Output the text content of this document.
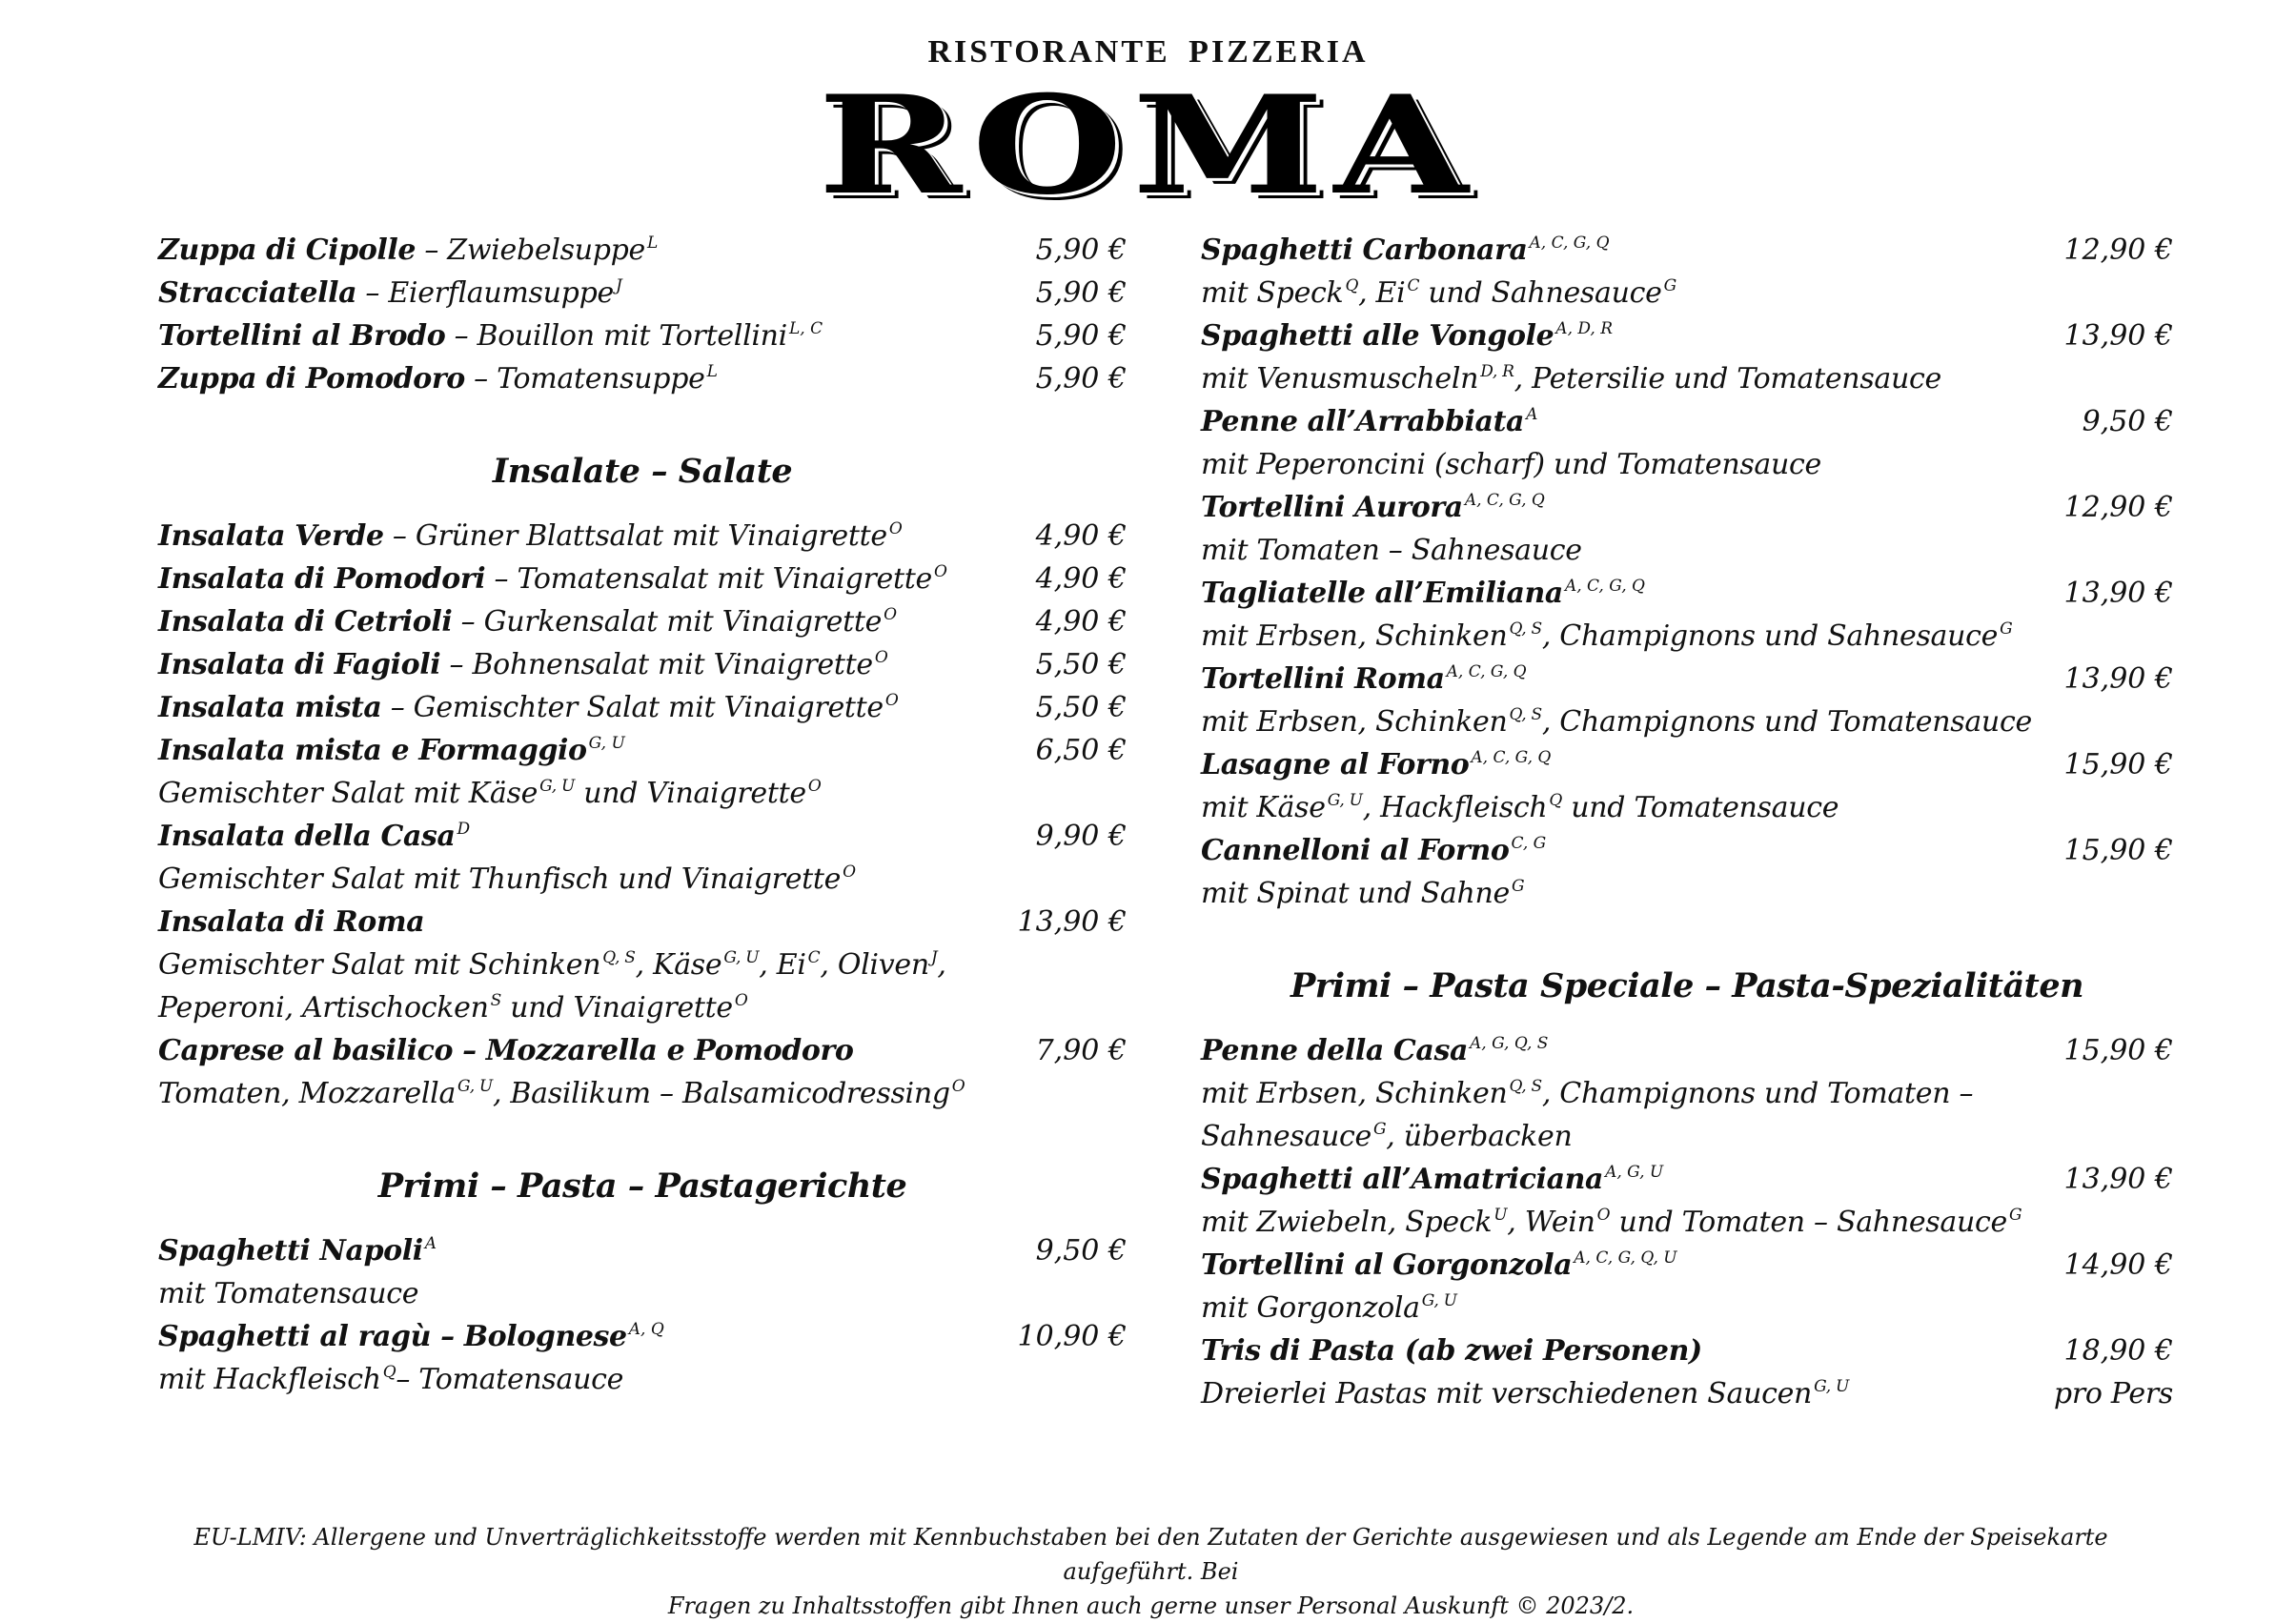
RISTORANTE PIZZERIA
ROMA
Zuppa di Cipolle – Zwiebelsuppe $^L$	5,90 €
Stracciatella – Eierflaumsuppe $^J$	5,90 €
Tortellini al Brodo – Bouillon mit Tortellini $^{L, C}$	5,90 €
Zuppa di Pomodoro – Tomatensuppe $^L$	5,90 €
Insalate – Salate
Insalata Verde – Grüner Blattsalat mit Vinaigrette $^O$	4,90 €
Insalata di Pomodori – Tomatensalat mit Vinaigrette $^O$	4,90 €
Insalata di Cetrioli – Gurkensalat mit Vinaigrette $^O$	4,90 €
Insalata di Fagioli – Bohnensalat mit Vinaigrette $^O$	5,50 €
Insalata mista – Gemischter Salat mit Vinaigrette $^O$	5,50 €
Insalata mista e Formaggio $^{G, U}$	6,50 €
Gemischter Salat mit Käse $^{G, U}$ und Vinaigrette $^O$
Insalata della Casa $^D$	9,90 €
Gemischter Salat mit Thunfisch und Vinaigrette $^O$
Insalata di Roma	13,90 €
Gemischter Salat mit Schinken $^{Q, S}$, Käse $^{G, U}$, Ei $^C$, Oliven $^J$,
Peperoni, Artischocken $^S$ und Vinaigrette $^O$
Caprese al basilico – Mozzarella e Pomodoro	7,90 €
Tomaten, Mozzarella $^{G, U}$, Basilikum – Balsamicodressing $^O$
Primi – Pasta – Pastagerichte
Spaghetti Napoli $^A$	9,50 €
mit Tomatensauce
Spaghetti al ragù – Bolognese $^{A, Q}$	10,90 €
mit Hackfleisch $^Q$– Tomatensauce
Spaghetti Carbonara $^{A, C, G, Q}$	12,90 €
mit Speck $^Q$, Ei $^C$ und Sahnesauce $^G$
Spaghetti alle Vongole $^{A, D, R}$	13,90 €
mit Venusmuscheln $^{D, R}$, Petersilie und Tomatensauce
Penne all’Arrabbiata $^A$	9,50 €
mit Peperoncini (scharf) und Tomatensauce
Tortellini Aurora $^{A, C, G, Q}$	12,90 €
mit Tomaten – Sahnesauce
Tagliatelle all’Emiliana $^{A, C, G, Q}$	13,90 €
mit Erbsen, Schinken $^{Q, S}$, Champignons und Sahnesauce $^G$
Tortellini Roma $^{A, C, G, Q}$	13,90 €
mit Erbsen, Schinken $^{Q, S}$, Champignons und Tomatensauce
Lasagne al Forno $^{A, C, G, Q}$	15,90 €
mit Käse $^{G, U}$, Hackfleisch $^Q$ und Tomatensauce
Cannelloni al Forno $^{C, G}$	15,90 €
mit Spinat und Sahne $^G$
Primi – Pasta Speciale – Pasta-Spezialitäten
Penne della Casa $^{A, G, Q, S}$	15,90 €
mit Erbsen, Schinken $^{Q, S}$, Champignons und Tomaten –
Sahnesauce $^G$, überbacken
Spaghetti all’Amatriciana $^{A, G, U}$	13,90 €
mit Zwiebeln, Speck $^U$, Wein $^O$ und Tomaten – Sahnesauce $^G$
Tortellini al Gorgonzola $^{A, C, G, Q, U}$	14,90 €
mit Gorgonzola $^{G, U}$
Tris di Pasta (ab zwei Personen)	18,90 €
Dreierlei Pastas mit verschiedenen Saucen $^{G, U}$	pro Pers
EU-LMIV: Allergene und Unverträglichkeitsstoffe werden mit Kennbuchstaben bei den Zutaten der Gerichte ausgewiesen und als Legende am Ende der Speisekarte aufgeführt. Bei
Fragen zu Inhaltsstoffen gibt Ihnen auch gerne unser Personal Auskunft © 2023/2.
